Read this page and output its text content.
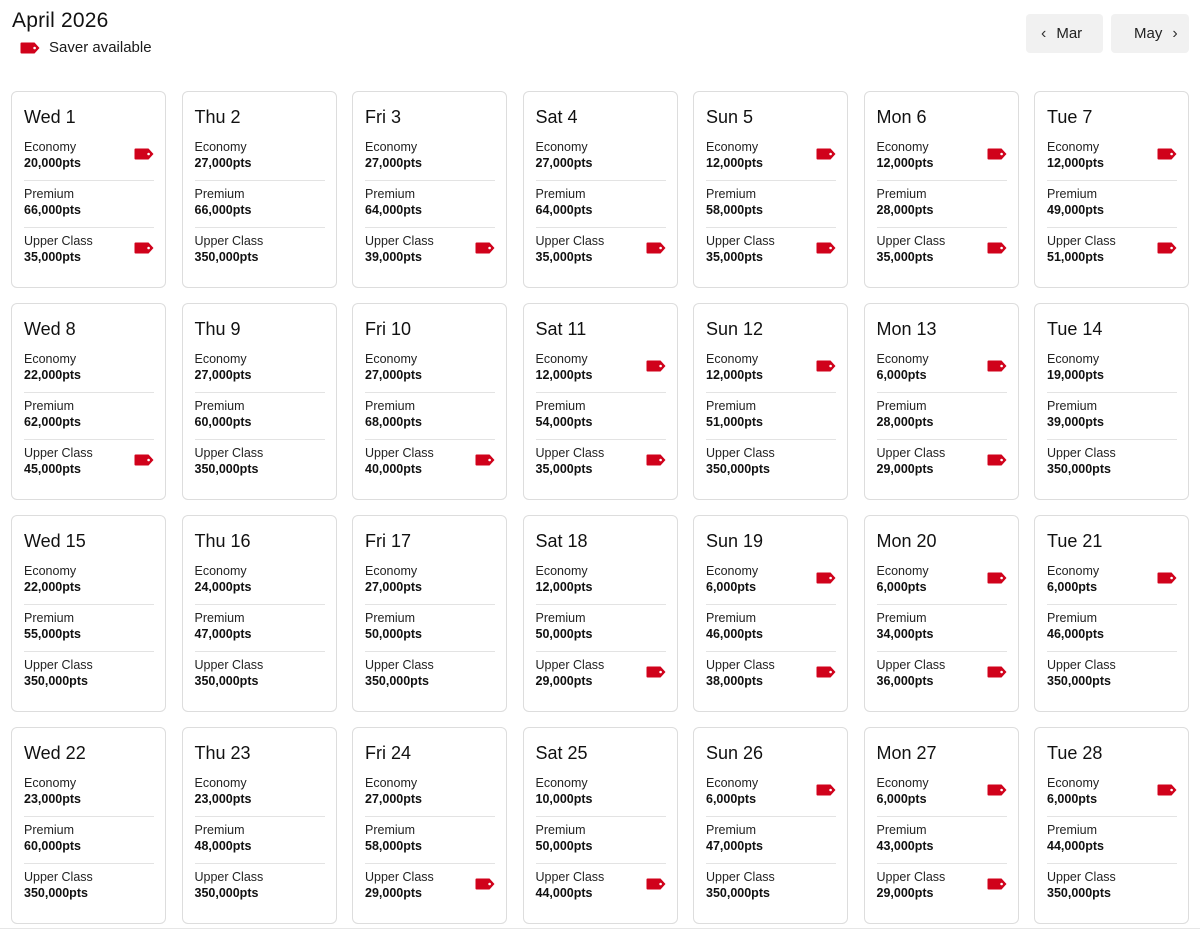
April 2026
Saver available
‹ Mar	May ›
Wed 1
Economy
20,000pts
Premium
66,000pts
Upper Class
35,000pts
Thu 2
Economy
27,000pts
Premium
66,000pts
Upper Class
350,000pts
Fri 3
Economy
27,000pts
Premium
64,000pts
Upper Class
39,000pts
Sat 4
Economy
27,000pts
Premium
64,000pts
Upper Class
35,000pts
Sun 5
Economy
12,000pts
Premium
58,000pts
Upper Class
35,000pts
Mon 6
Economy
12,000pts
Premium
28,000pts
Upper Class
35,000pts
Tue 7
Economy
12,000pts
Premium
49,000pts
Upper Class
51,000pts
Wed 8
Economy
22,000pts
Premium
62,000pts
Upper Class
45,000pts
Thu 9
Economy
27,000pts
Premium
60,000pts
Upper Class
350,000pts
Fri 10
Economy
27,000pts
Premium
68,000pts
Upper Class
40,000pts
Sat 11
Economy
12,000pts
Premium
54,000pts
Upper Class
35,000pts
Sun 12
Economy
12,000pts
Premium
51,000pts
Upper Class
350,000pts
Mon 13
Economy
6,000pts
Premium
28,000pts
Upper Class
29,000pts
Tue 14
Economy
19,000pts
Premium
39,000pts
Upper Class
350,000pts
Wed 15
Economy
22,000pts
Premium
55,000pts
Upper Class
350,000pts
Thu 16
Economy
24,000pts
Premium
47,000pts
Upper Class
350,000pts
Fri 17
Economy
27,000pts
Premium
50,000pts
Upper Class
350,000pts
Sat 18
Economy
12,000pts
Premium
50,000pts
Upper Class
29,000pts
Sun 19
Economy
6,000pts
Premium
46,000pts
Upper Class
38,000pts
Mon 20
Economy
6,000pts
Premium
34,000pts
Upper Class
36,000pts
Tue 21
Economy
6,000pts
Premium
46,000pts
Upper Class
350,000pts
Wed 22
Economy
23,000pts
Premium
60,000pts
Upper Class
350,000pts
Thu 23
Economy
23,000pts
Premium
48,000pts
Upper Class
350,000pts
Fri 24
Economy
27,000pts
Premium
58,000pts
Upper Class
29,000pts
Sat 25
Economy
10,000pts
Premium
50,000pts
Upper Class
44,000pts
Sun 26
Economy
6,000pts
Premium
47,000pts
Upper Class
350,000pts
Mon 27
Economy
6,000pts
Premium
43,000pts
Upper Class
29,000pts
Tue 28
Economy
6,000pts
Premium
44,000pts
Upper Class
350,000pts
